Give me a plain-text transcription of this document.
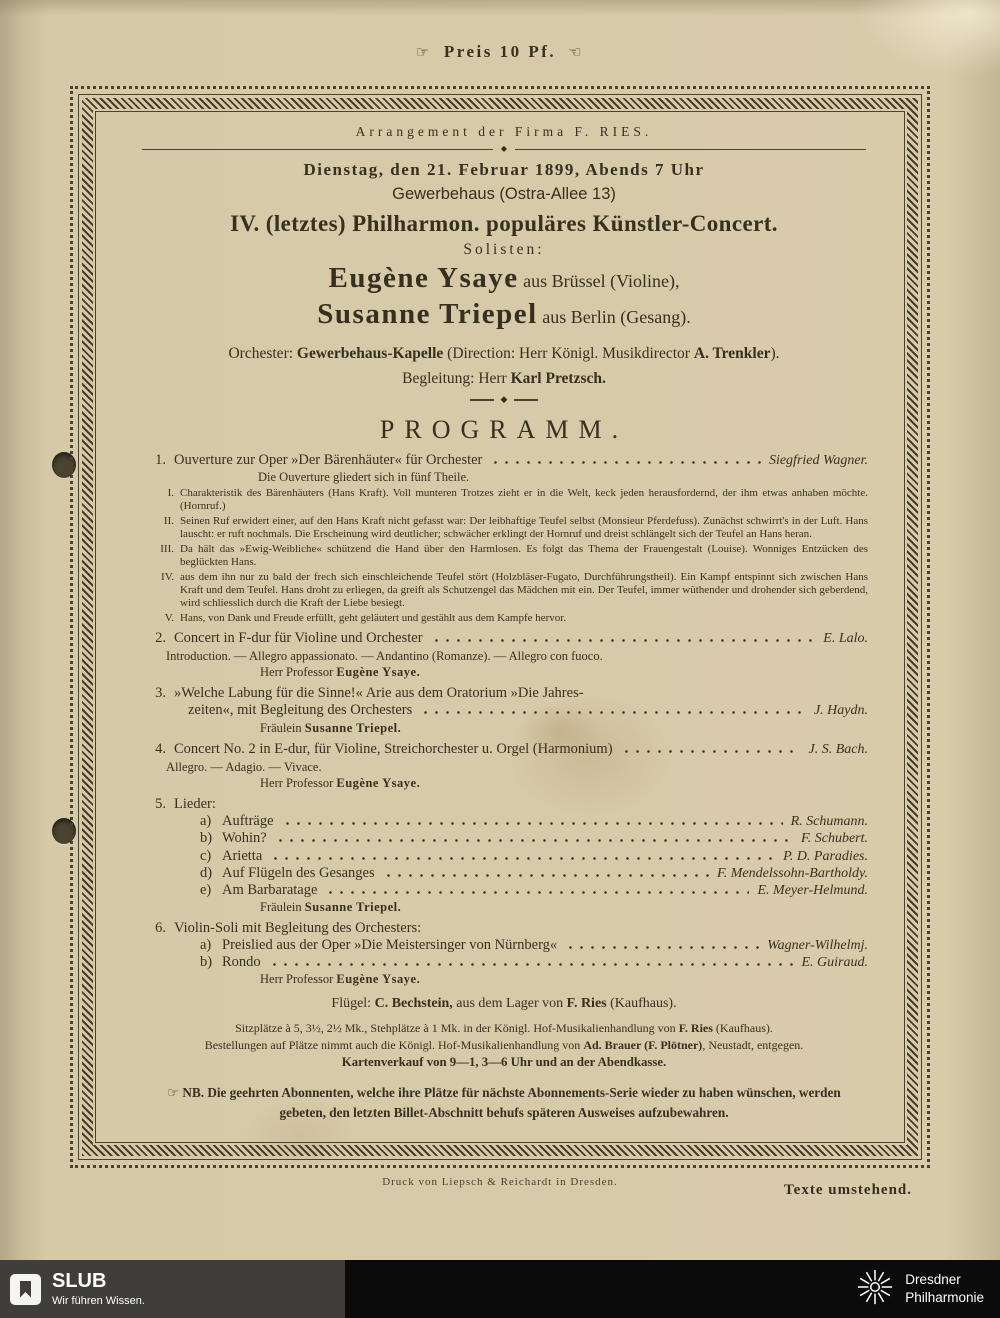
☞ Preis 10 Pf. ☜
Arrangement der Firma F. RIES.
◆
Dienstag, den 21. Februar 1899, Abends 7 Uhr
Gewerbehaus (Ostra-Allee 13)
IV. (letztes) Philharmon. populäres Künstler-Concert.
Solisten:
Eugène Ysaye aus Brüssel (Violine),
Susanne Triepel aus Berlin (Gesang).
Orchester: Gewerbehaus-Kapelle (Direction: Herr Königl. Musikdirector A. Trenkler).
Begleitung: Herr Karl Pretzsch.
◆
PROGRAMM.
1. Ouverture zur Oper »Der Bärenhäuter« für Orchester	Siegfried Wagner.
Die Ouverture gliedert sich in fünf Theile.
I. Charakteristik des Bärenhäuters (Hans Kraft). Voll munteren Trotzes zieht er in die Welt, keck jeden herausfordernd, der ihm etwas anhaben möchte. (Hornruf.)
II. Seinen Ruf erwidert einer, auf den Hans Kraft nicht gefasst war: Der leibhaftige Teufel selbst (Monsieur Pferdefuss). Zunächst schwirrt's in der Luft. Hans lauscht: er ruft nochmals. Die Erscheinung wird deutlicher; schwächer erklingt der Hornruf und dreist schlängelt sich der Teufel an Hans heran.
III. Da hält das »Ewig-Weibliche« schützend die Hand über den Harmlosen. Es folgt das Thema der Frauengestalt (Louise). Wonniges Entzücken des beglückten Hans.
IV. aus dem ihn nur zu bald der frech sich einschleichende Teufel stört (Holzbläser-Fugato, Durchführungstheil). Ein Kampf entspinnt sich zwischen Hans Kraft und dem Teufel. Hans droht zu erliegen, da greift als Schutzengel das Mädchen mit ein. Der Teufel, immer wüthender und drohender sich geberdend, wird schliesslich durch die Kraft der Liebe besiegt.
V. Hans, von Dank und Freude erfüllt, geht geläutert und gestählt aus dem Kampfe hervor.
2. Concert in F-dur für Violine und Orchester	E. Lalo.
Introduction. — Allegro appassionato. — Andantino (Romanze). — Allegro con fuoco.
Herr Professor Eugène Ysaye.
3. »Welche Labung für die Sinne!« Arie aus dem Oratorium »Die Jahres-
zeiten«, mit Begleitung des Orchesters	J. Haydn.
Fräulein Susanne Triepel.
4. Concert No. 2 in E-dur, für Violine, Streichorchester u. Orgel (Harmonium)	J. S. Bach.
Allegro. — Adagio. — Vivace.
Herr Professor Eugène Ysaye.
5. Lieder:
a) Aufträge	R. Schumann.
b) Wohin?	F. Schubert.
c) Arietta	P. D. Paradies.
d) Auf Flügeln des Gesanges	F. Mendelssohn-Bartholdy.
e) Am Barbaratage	E. Meyer-Helmund.
Fräulein Susanne Triepel.
6. Violin-Soli mit Begleitung des Orchesters:
a) Preislied aus der Oper »Die Meistersinger von Nürnberg«	Wagner-Wilhelmj.
b) Rondo	E. Guiraud.
Herr Professor Eugène Ysaye.
Flügel: C. Bechstein, aus dem Lager von F. Ries (Kaufhaus).
Sitzplätze à 5, 3½, 2½ Mk., Stehplätze à 1 Mk. in der Königl. Hof-Musikalienhandlung von F. Ries (Kaufhaus).
Bestellungen auf Plätze nimmt auch die Königl. Hof-Musikalienhandlung von Ad. Brauer (F. Plötner), Neustadt, entgegen.
Kartenverkauf von 9—1, 3—6 Uhr und an der Abendkasse.
☞ NB. Die geehrten Abonnenten, welche ihre Plätze für nächste Abonnements-Serie wieder zu haben wünschen, werden gebeten, den letzten Billet-Abschnitt behufs späteren Ausweises aufzubewahren.
Druck von Liepsch & Reichardt in Dresden.	Texte umstehend.
SLUB
Wir führen Wissen.
Dresdner
Philharmonie
